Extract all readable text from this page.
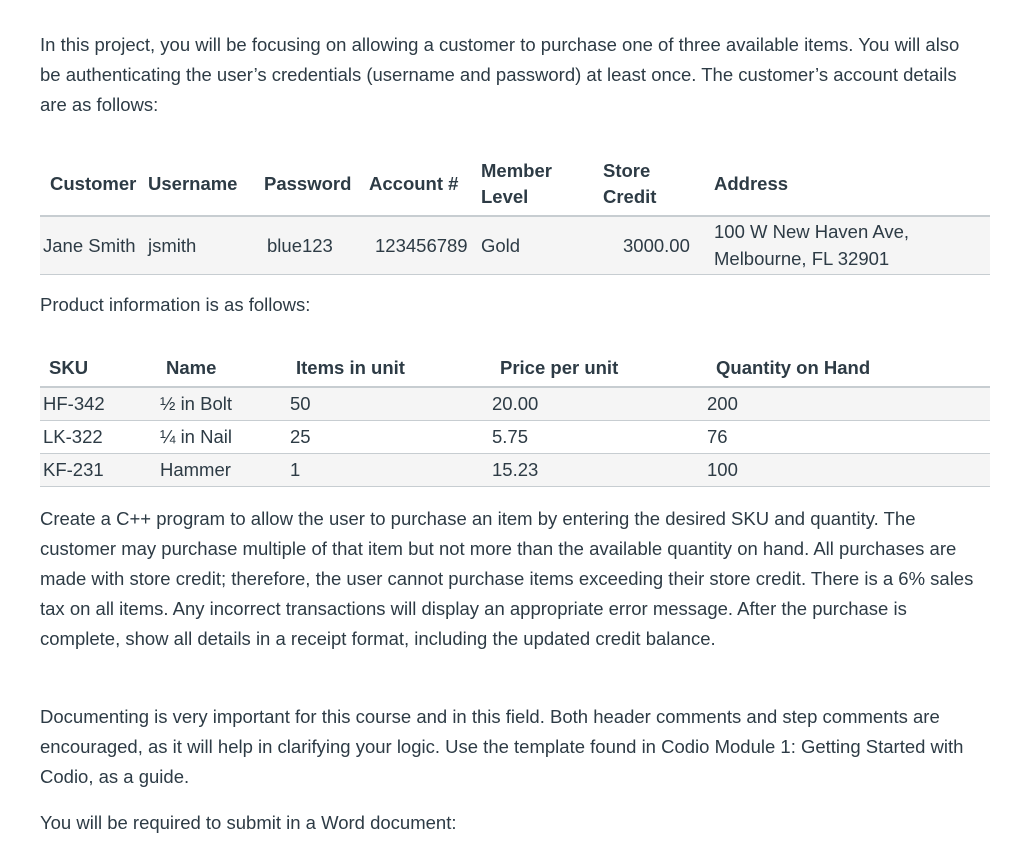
In this project, you will be focusing on allowing a customer to purchase one of three available items. You will also be authenticating the user’s credentials (username and password) at least once. The customer’s account details are as follows:

Customer	Username	Password	Account #	Member Level	Store Credit	Address
Jane Smith	jsmith	blue123	123456789	Gold	3000.00	100 W New Haven Ave, Melbourne, FL 32901

Product information is as follows:

SKU	Name	Items in unit	Price per unit	Quantity on Hand
HF-342	½ in Bolt	50	20.00	200
LK-322	¼ in Nail	25	5.75	76
KF-231	Hammer	1	15.23	100

Create a C++ program to allow the user to purchase an item by entering the desired SKU and quantity. The customer may purchase multiple of that item but not more than the available quantity on hand. All purchases are made with store credit; therefore, the user cannot purchase items exceeding their store credit. There is a 6% sales tax on all items. Any incorrect transactions will display an appropriate error message. After the purchase is complete, show all details in a receipt format, including the updated credit balance.

Documenting is very important for this course and in this field. Both header comments and step comments are encouraged, as it will help in clarifying your logic. Use the template found in Codio Module 1: Getting Started with Codio, as a guide.

You will be required to submit in a Word document:
